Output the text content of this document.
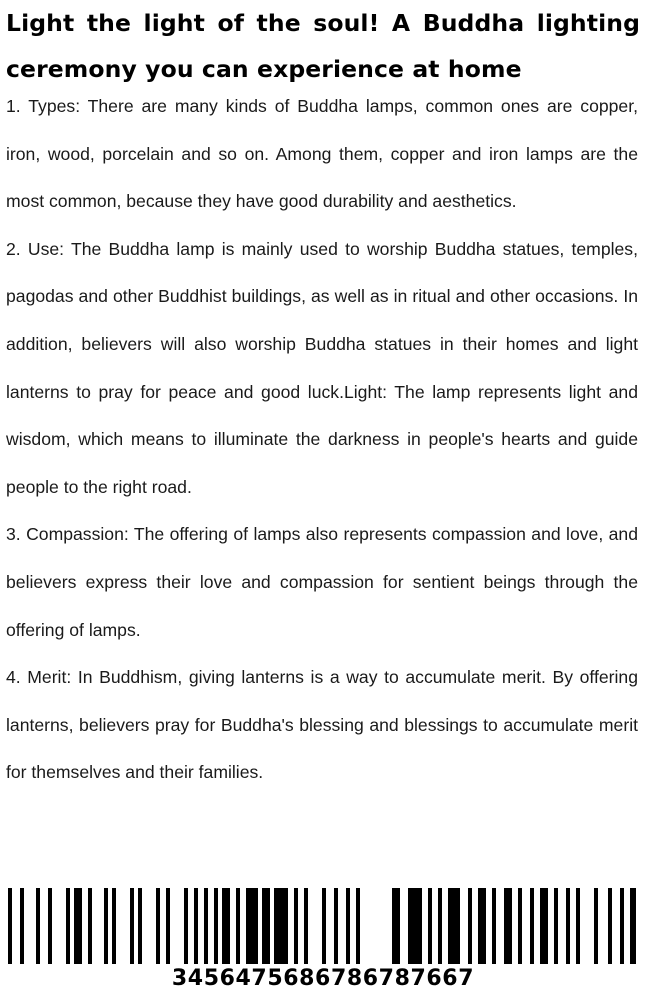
Light the light of the soul! A Buddha lighting ceremony you can experience at home

1. Types: There are many kinds of Buddha lamps, common ones are copper, iron, wood, porcelain and so on. Among them, copper and iron lamps are the most common, because they have good durability and aesthetics.

2. Use: The Buddha lamp is mainly used to worship Buddha statues, temples, pagodas and other Buddhist buildings, as well as in ritual and other occasions. In addition, believers will also worship Buddha statues in their homes and light lanterns to pray for peace and good luck.Light: The lamp represents light and wisdom, which means to illuminate the darkness in people's hearts and guide people to the right road.

3. Compassion: The offering of lamps also represents compassion and love, and believers express their love and compassion for sentient beings through the offering of lamps.

4. Merit: In Buddhism, giving lanterns is a way to accumulate merit. By offering lanterns, believers pray for Buddha's blessing and blessings to accumulate merit for themselves and their families.

3456475686786787667
